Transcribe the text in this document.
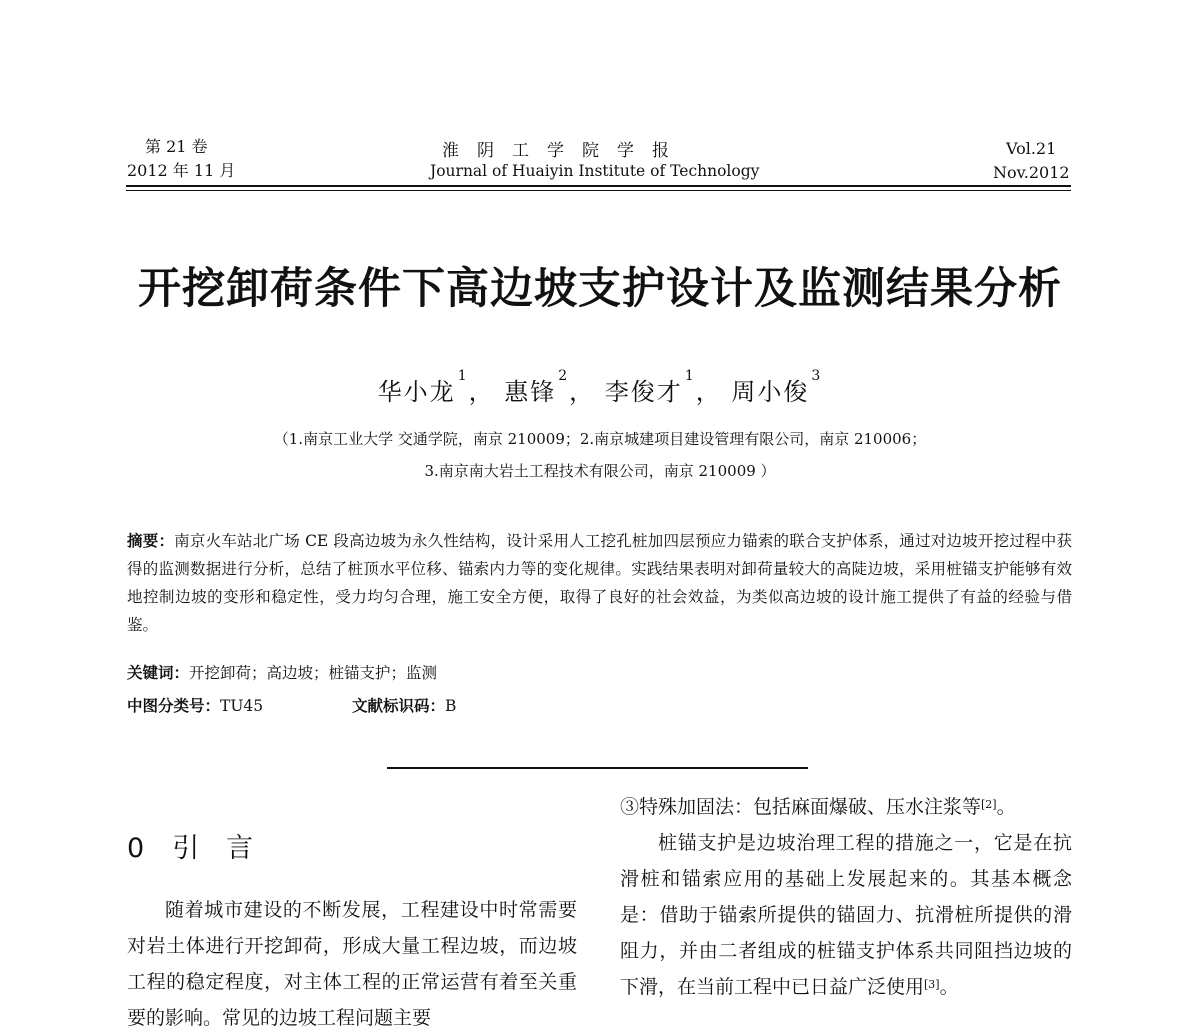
第 21 卷
2012 年 11 月
淮阴工学院学报
Journal of Huaiyin Institute of Technology
Vol.21
Nov.2012
开挖卸荷条件下高边坡支护设计及监测结果分析
华小龙$^1$， 惠锋$^2$， 李俊才$^1$， 周小俊$^3$
（1.南京工业大学 交通学院，南京 210009；2.南京城建项目建设管理有限公司，南京 210006；
3.南京南大岩土工程技术有限公司，南京 210009 ）
摘要：南京火车站北广场 CE 段高边坡为永久性结构，设计采用人工挖孔桩加四层预应力锚索的联合支护体系，通过对边坡开挖过程中获得的监测数据进行分析，总结了桩顶水平位移、锚索内力等的变化规律。实践结果表明对卸荷量较大的高陡边坡，采用桩锚支护能够有效地控制边坡的变形和稳定性，受力均匀合理，施工安全方便，取得了良好的社会效益，为类似高边坡的设计施工提供了有益的经验与借鉴。
关键词：开挖卸荷；高边坡；桩锚支护；监测
中图分类号：TU45	文献标识码：B
0 引　言
随着城市建设的不断发展，工程建设中时常需要对岩土体进行开挖卸荷，形成大量工程边坡，而边坡工程的稳定程度，对主体工程的正常运营有着至关重要的影响。常见的边坡工程问题主要
③特殊加固法：包括麻面爆破、压水注浆等[2]。
桩锚支护是边坡治理工程的措施之一，它是在抗滑桩和锚索应用的基础上发展起来的。其基本概念是：借助于锚索所提供的锚固力、抗滑桩所提供的滑阻力，并由二者组成的桩锚支护体系共同阻挡边坡的下滑，在当前工程中已日益广泛使用[3]。
